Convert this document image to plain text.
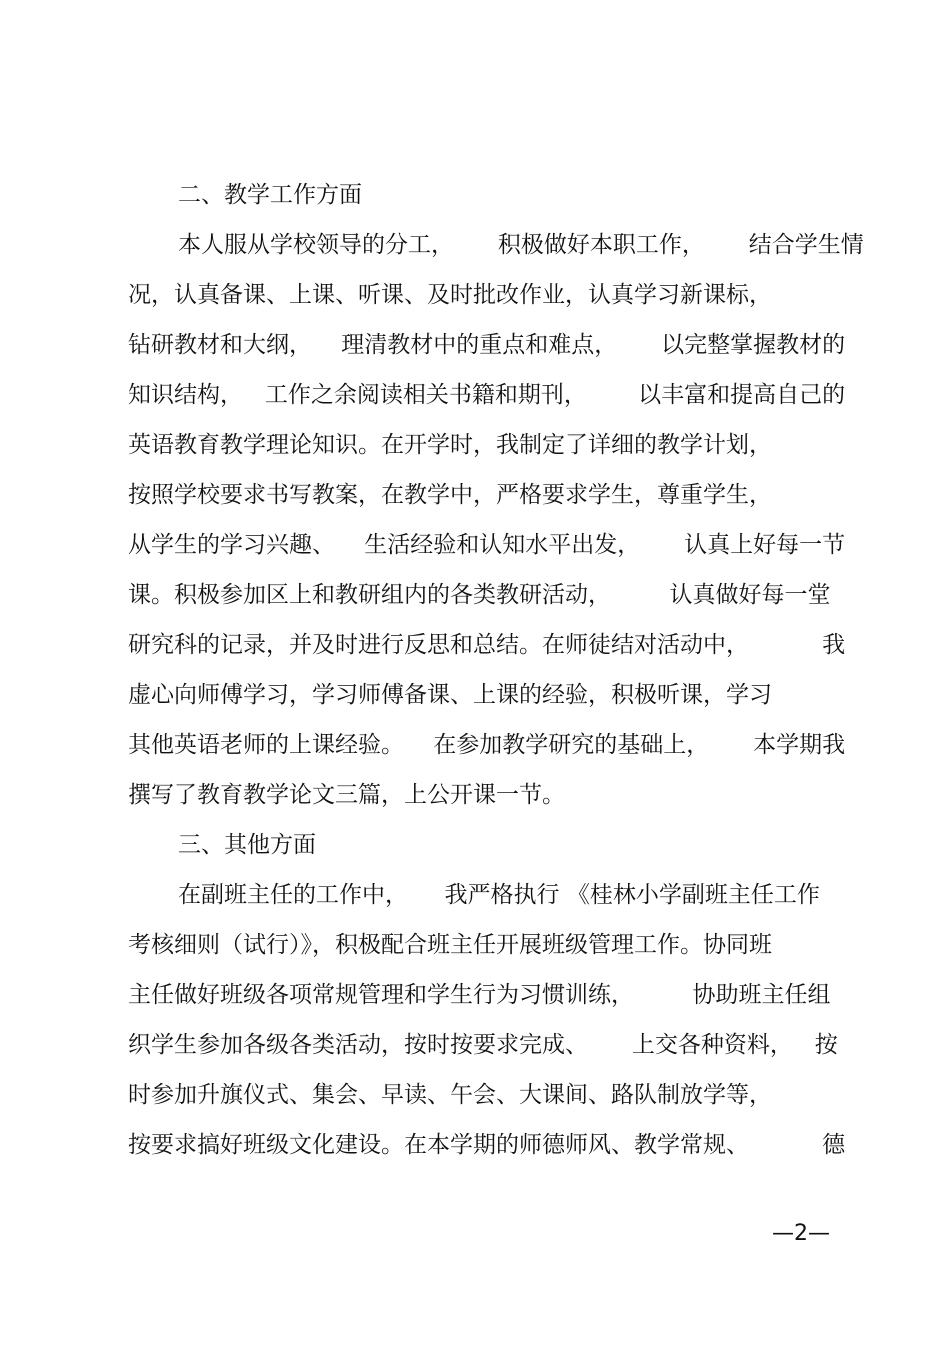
二、教学工作方面
本人服从学校领导的分工，      积极做好本职工作，      结合学生情
况，认真备课、上课、听课、及时批改作业，认真学习新课标，
钻研教材和大纲，    理清教材中的重点和难点，      以完整掌握教材的
知识结构，   工作之余阅读相关书籍和期刊，       以丰富和提高自己的
英语教育教学理论知识。在开学时，我制定了详细的教学计划，
按照学校要求书写教案，在教学中，严格要求学生，尊重学生，
从学生的学习兴趣、    生活经验和认知水平出发，      认真上好每一节
课。积极参加区上和教研组内的各类教研活动，        认真做好每一堂
研究科的记录，并及时进行反思和总结。在师徒结对活动中，          我
虚心向师傅学习，学习师傅备课、上课的经验，积极听课，学习
其他英语老师的上课经验。    在参加教学研究的基础上，      本学期我
撰写了教育教学论文三篇，上公开课一节。
三、其他方面
在副班主任的工作中，     我严格执行 《桂林小学副班主任工作
考核细则（试行）》，积极配合班主任开展班级管理工作。协同班
主任做好班级各项常规管理和学生行为习惯训练，        协助班主任组
织学生参加各级各类活动，按时按要求完成、      上交各种资料，   按
时参加升旗仪式、集会、早读、午会、大课间、路队制放学等，
按要求搞好班级文化建设。在本学期的师德师风、教学常规、          德
—2—
